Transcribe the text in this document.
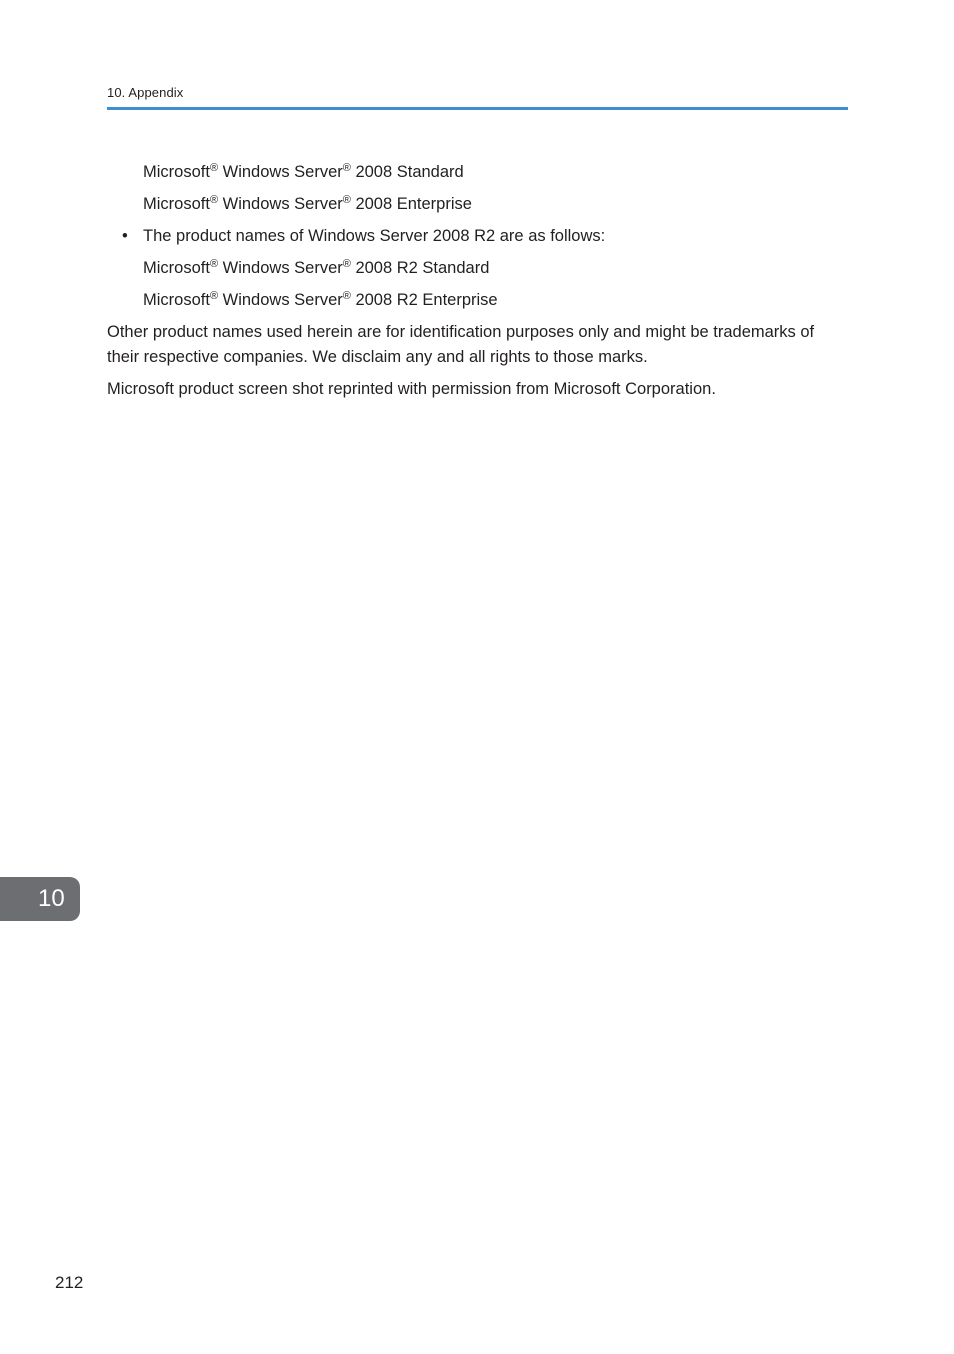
10. Appendix
Microsoft® Windows Server® 2008 Standard
Microsoft® Windows Server® 2008 Enterprise
• The product names of Windows Server 2008 R2 are as follows:
Microsoft® Windows Server® 2008 R2 Standard
Microsoft® Windows Server® 2008 R2 Enterprise

Other product names used herein are for identification purposes only and might be trademarks of their respective companies. We disclaim any and all rights to those marks.

Microsoft product screen shot reprinted with permission from Microsoft Corporation.

10
212
